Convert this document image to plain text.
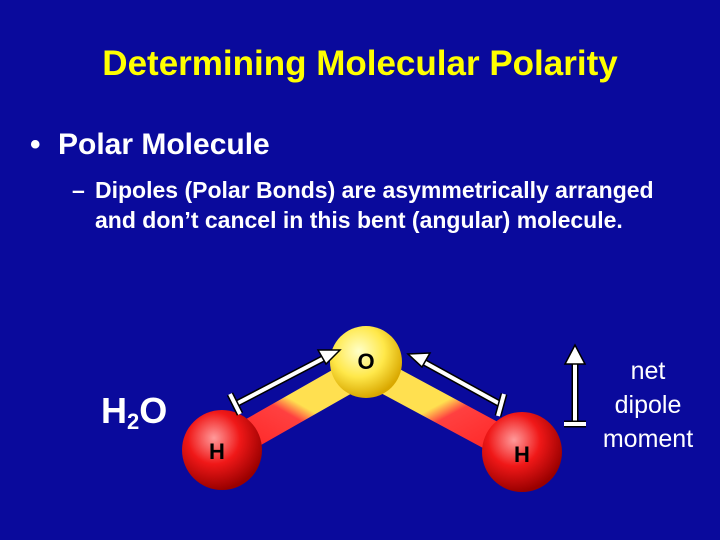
Determining Molecular Polarity
• Polar Molecule
– Dipoles (Polar Bonds) are asymmetrically arranged and don’t cancel in this bent (angular) molecule.
O
H	H
$H_2O$
net
dipole
moment
